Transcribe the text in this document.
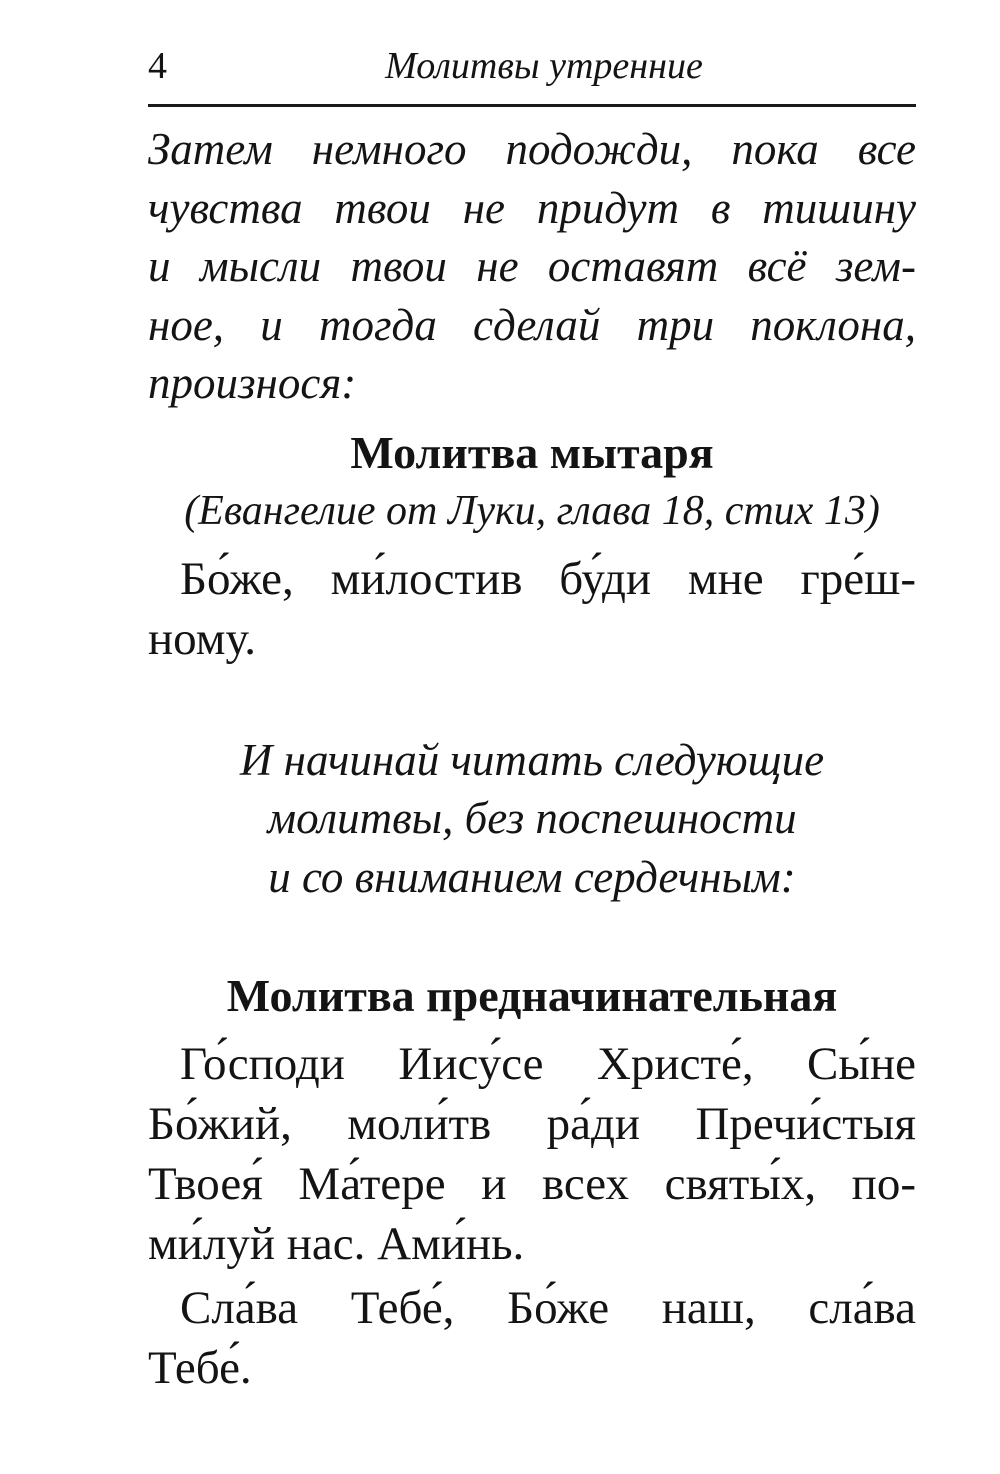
4	Молитвы утренние

Затем немного подожди, пока все
чувства твои не придут в тишину
и мысли твои не оставят всё зем-
ное, и тогда сделай три поклона,
произнося:

Молитва мытаря

(Евангелие от Луки, глава 18, стих 13)

Бо́же, ми́лостив бу́ди мне гре́ш-
ному.

И начинай читать следующие
молитвы, без поспешности
и со вниманием сердечным:

Молитва предначинательная

Го́споди Иису́се Христе́, Сы́не
Бо́жий, моли́тв ра́ди Пречи́стыя
Твоея́ Ма́тере и всех святы́х, по-
ми́луй нас. Ами́нь.

Сла́ва Тебе́, Бо́же наш, сла́ва
Тебе́.
